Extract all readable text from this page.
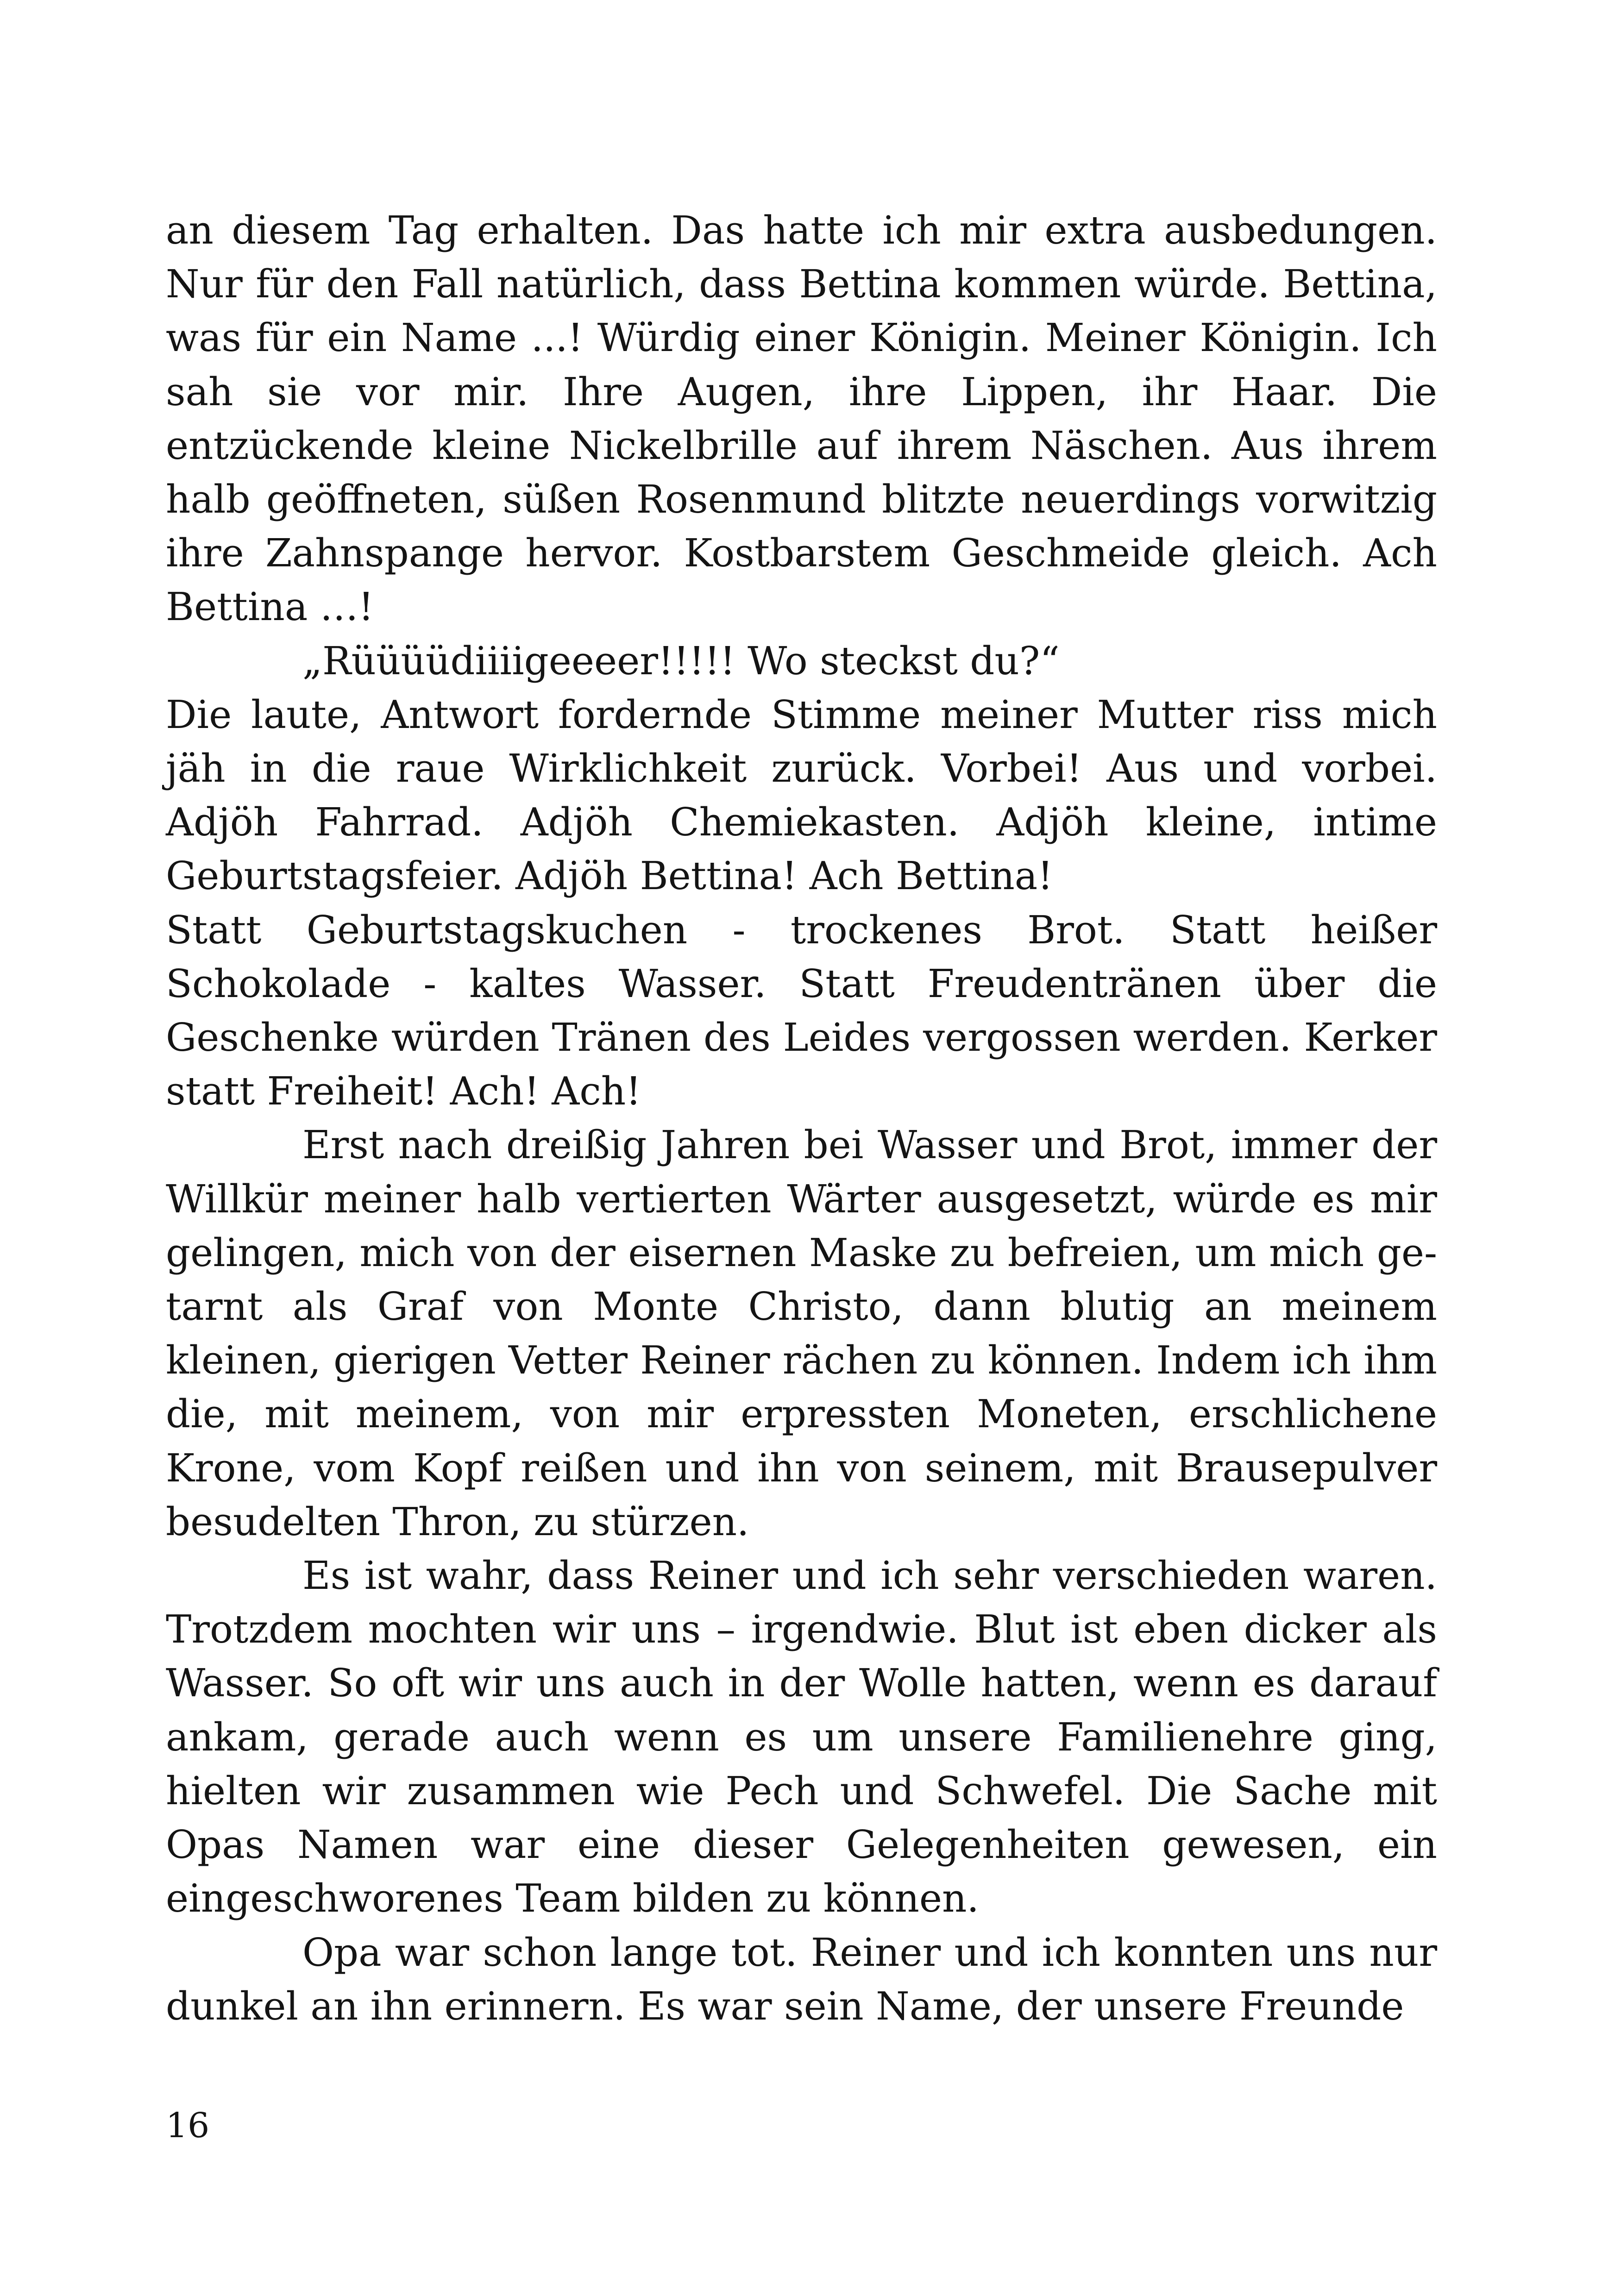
an diesem Tag erhalten. Das hatte ich mir extra ausbedungen. Nur für den Fall natürlich, dass Bettina kommen würde. Bettina, was für ein Name ...! Würdig einer Königin. Meiner Königin. Ich sah sie vor mir. Ihre Augen, ihre Lippen, ihr Haar. Die entzückende kleine Nickelbrille auf ihrem Näschen. Aus ihrem halb geöffneten, süßen Rosenmund blitzte neuerdings vorwitzig ihre Zahnspange hervor. Kostbarstem Geschmeide gleich. Ach Bettina …!

„Rüüüüdiiiigeeeer!!!!! Wo steckst du?“

Die laute, Antwort fordernde Stimme meiner Mutter riss mich jäh in die raue Wirklichkeit zurück. Vorbei! Aus und vorbei. Adjöh Fahrrad. Adjöh Chemiekasten. Adjöh kleine, intime Geburtstagsfeier. Adjöh Bettina! Ach Bettina!

Statt Geburtstagskuchen - trockenes Brot. Statt heißer Schokolade - kaltes Wasser. Statt Freudentränen über die Geschenke würden Tränen des Leides vergossen werden. Kerker statt Freiheit! Ach! Ach!

Erst nach dreißig Jahren bei Wasser und Brot, immer der Willkür meiner halb vertierten Wärter ausgesetzt, würde es mir gelingen, mich von der eisernen Maske zu befreien, um mich getarnt als Graf von Monte Christo, dann blutig an meinem kleinen, gierigen Vetter Reiner rächen zu können. Indem ich ihm die, mit meinem, von mir erpressten Moneten, erschlichene Krone, vom Kopf reißen und ihn von seinem, mit Brausepulver besudelten Thron, zu stürzen.

Es ist wahr, dass Reiner und ich sehr verschieden waren. Trotzdem mochten wir uns – irgendwie. Blut ist eben dicker als Wasser. So oft wir uns auch in der Wolle hatten, wenn es darauf ankam, gerade auch wenn es um unsere Familienehre ging, hielten wir zusammen wie Pech und Schwefel. Die Sache mit Opas Namen war eine dieser Gelegenheiten gewesen, ein eingeschworenes Team bilden zu können.

Opa war schon lange tot. Reiner und ich konnten uns nur dunkel an ihn erinnern. Es war sein Name, der unsere Freunde

16
